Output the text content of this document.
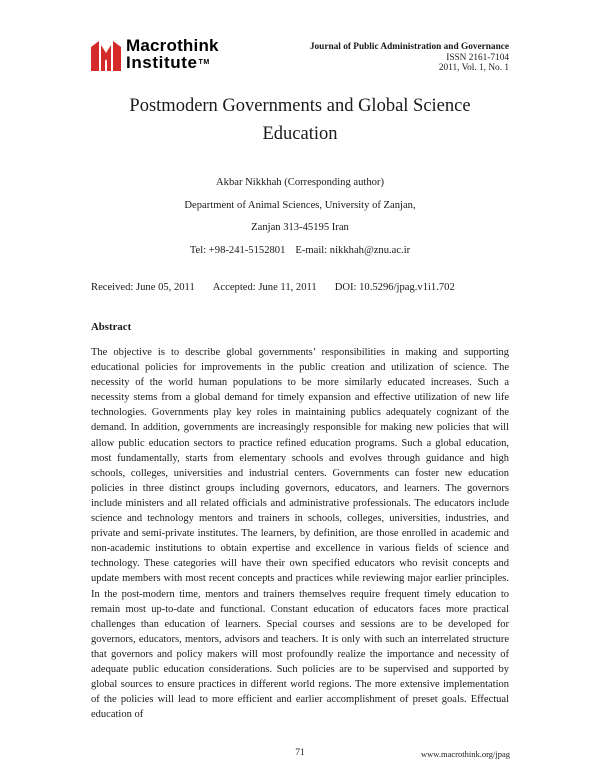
Macrothink
Institute™
Journal of Public Administration and Governance
ISSN 2161-7104
2011, Vol. 1, No. 1
Postmodern Governments and Global Science Education
Akbar Nikkhah (Corresponding author)
Department of Animal Sciences, University of Zanjan,
Zanjan 313-45195 Iran
Tel: +98-241-5152801 E-mail: nikkhah@znu.ac.ir
Received: June 05, 2011 Accepted: June 11, 2011 DOI: 10.5296/jpag.v1i1.702
Abstract

The objective is to describe global governments’ responsibilities in making and supporting educational policies for improvements in the public creation and utilization of science. The necessity of the world human populations to be more similarly educated increases. Such a necessity stems from a global demand for timely expansion and effective utilization of new life technologies. Governments play key roles in maintaining publics adequately cognizant of the demand. In addition, governments are increasingly responsible for making new policies that will allow public education sectors to practice refined education programs. Such a global education, most fundamentally, starts from elementary schools and evolves through guidance and high schools, colleges, universities and industrial centers. Governments can foster new education policies in three distinct groups including governors, educators, and learners. The governors include ministers and all related officials and administrative professionals. The educators include science and technology mentors and trainers in schools, colleges, universities, industries, and private and semi-private institutes. The learners, by definition, are those enrolled in academic and non-academic institutions to obtain expertise and excellence in various fields of science and technology. These categories will have their own specified educators who revisit concepts and update members with most recent concepts and practices while reviewing major earlier principles. In the post-modern time, mentors and trainers themselves require frequent timely education to remain most up-to-date and functional. Constant education of educators faces more practical challenges than education of learners. Special courses and sessions are to be developed for governors, educators, mentors, advisors and teachers. It is only with such an interrelated structure that governors and policy makers will most profoundly realize the importance and necessity of adequate public education considerations. Such policies are to be supervised and supported by global sources to ensure practices in different world regions. The more extensive implementation of the policies will lead to more efficient and earlier accomplishment of preset goals. Effectual education of

71	www.macrothink.org/jpag
